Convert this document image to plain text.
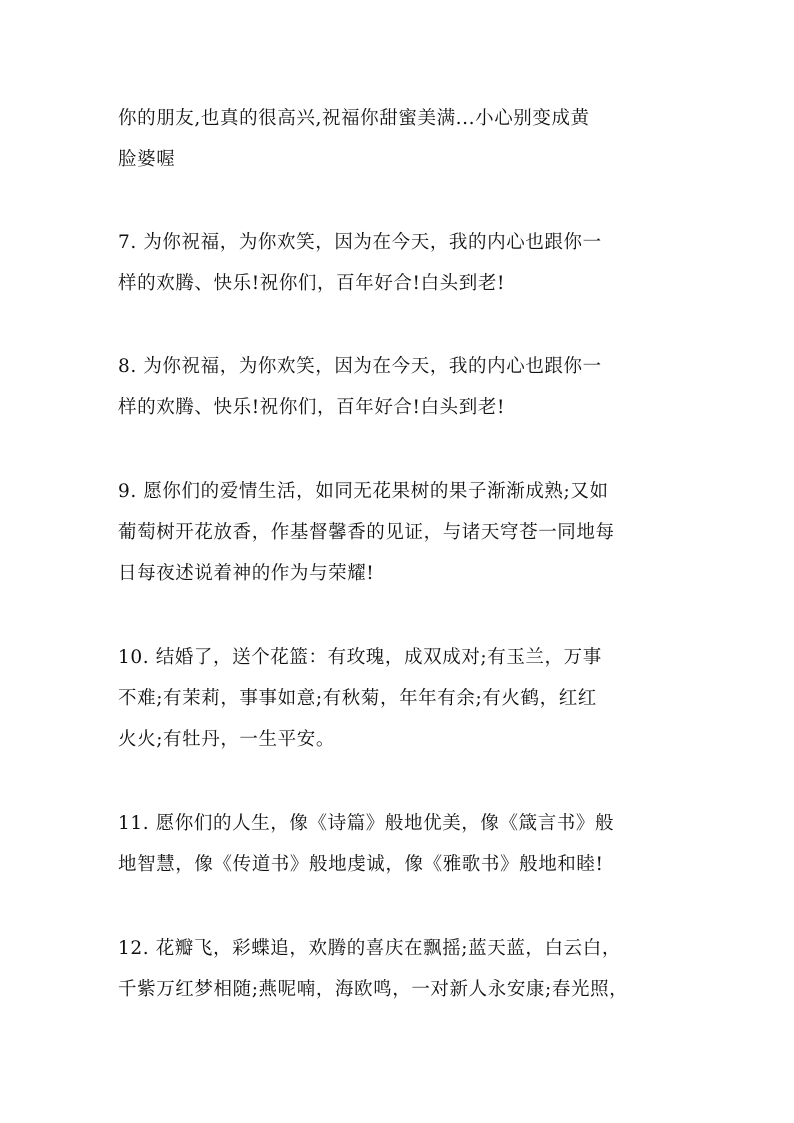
你的朋友,也真的很高兴,祝福你甜蜜美满...小心别变成黄
脸婆喔

7. 为你祝福，为你欢笑，因为在今天，我的内心也跟你一
样的欢腾、快乐!祝你们，百年好合!白头到老!

8. 为你祝福，为你欢笑，因为在今天，我的内心也跟你一
样的欢腾、快乐!祝你们，百年好合!白头到老!

9. 愿你们的爱情生活，如同无花果树的果子渐渐成熟;又如
葡萄树开花放香，作基督馨香的见证，与诸天穹苍一同地每
日每夜述说着神的作为与荣耀!

10. 结婚了，送个花篮：有玫瑰，成双成对;有玉兰，万事
不难;有茉莉，事事如意;有秋菊，年年有余;有火鹤，红红
火火;有牡丹，一生平安。

11. 愿你们的人生，像《诗篇》般地优美，像《箴言书》般
地智慧，像《传道书》般地虔诚，像《雅歌书》般地和睦!

12. 花瓣飞，彩蝶追，欢腾的喜庆在飘摇;蓝天蓝，白云白，
千紫万红梦相随;燕呢喃，海欧鸣，一对新人永安康;春光照，
